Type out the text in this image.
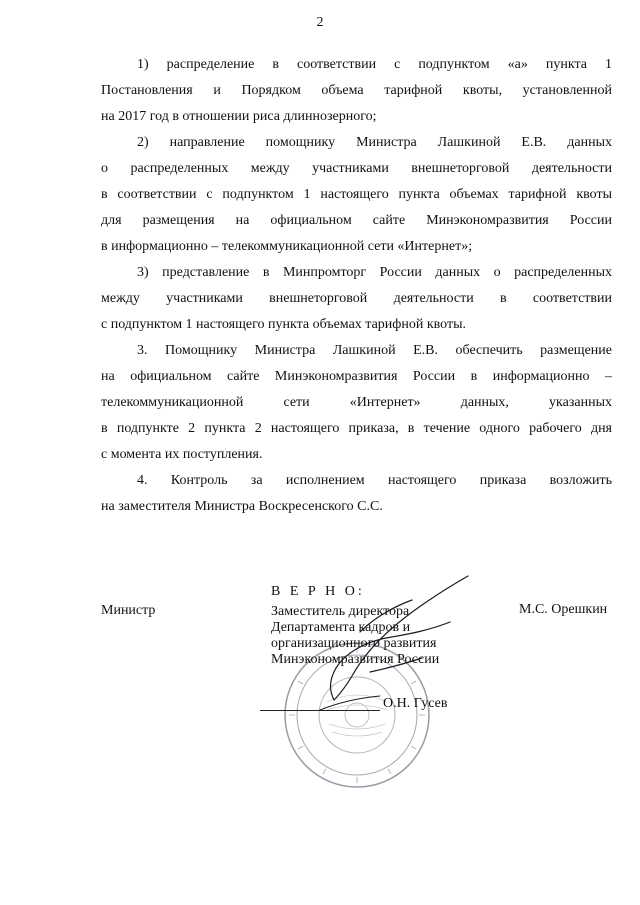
2
1) распределение в соответствии с подпунктом «а» пункта 1
Постановления и Порядком объема тарифной квоты, установленной
на 2017 год в отношении риса длиннозерного;
2) направление помощнику Министра Лашкиной Е.В. данных
о распределенных между участниками внешнеторговой деятельности
в соответствии с подпунктом 1 настоящего пункта объемах тарифной квоты
для размещения на официальном сайте Минэкономразвития России
в информационно – телекоммуникационной сети «Интернет»;
3) представление в Минпромторг России данных о распределенных
между участниками внешнеторговой деятельности в соответствии
с подпунктом 1 настоящего пункта объемах тарифной квоты.
3. Помощнику Министра Лашкиной Е.В. обеспечить размещение
на официальном сайте Минэкономразвития России в информационно –
телекоммуникационной сети «Интернет» данных, указанных
в подпункте 2 пункта 2 настоящего приказа, в течение одного рабочего дня
с момента их поступления.
4. Контроль за исполнением настоящего приказа возложить
на заместителя Министра Воскресенского С.С.
Министр
В Е Р Н О:
Заместитель директора
Департамента кадров и
организационного развития
Минэкономразвития России
О.Н. Гусев
М.С. Орешкин
